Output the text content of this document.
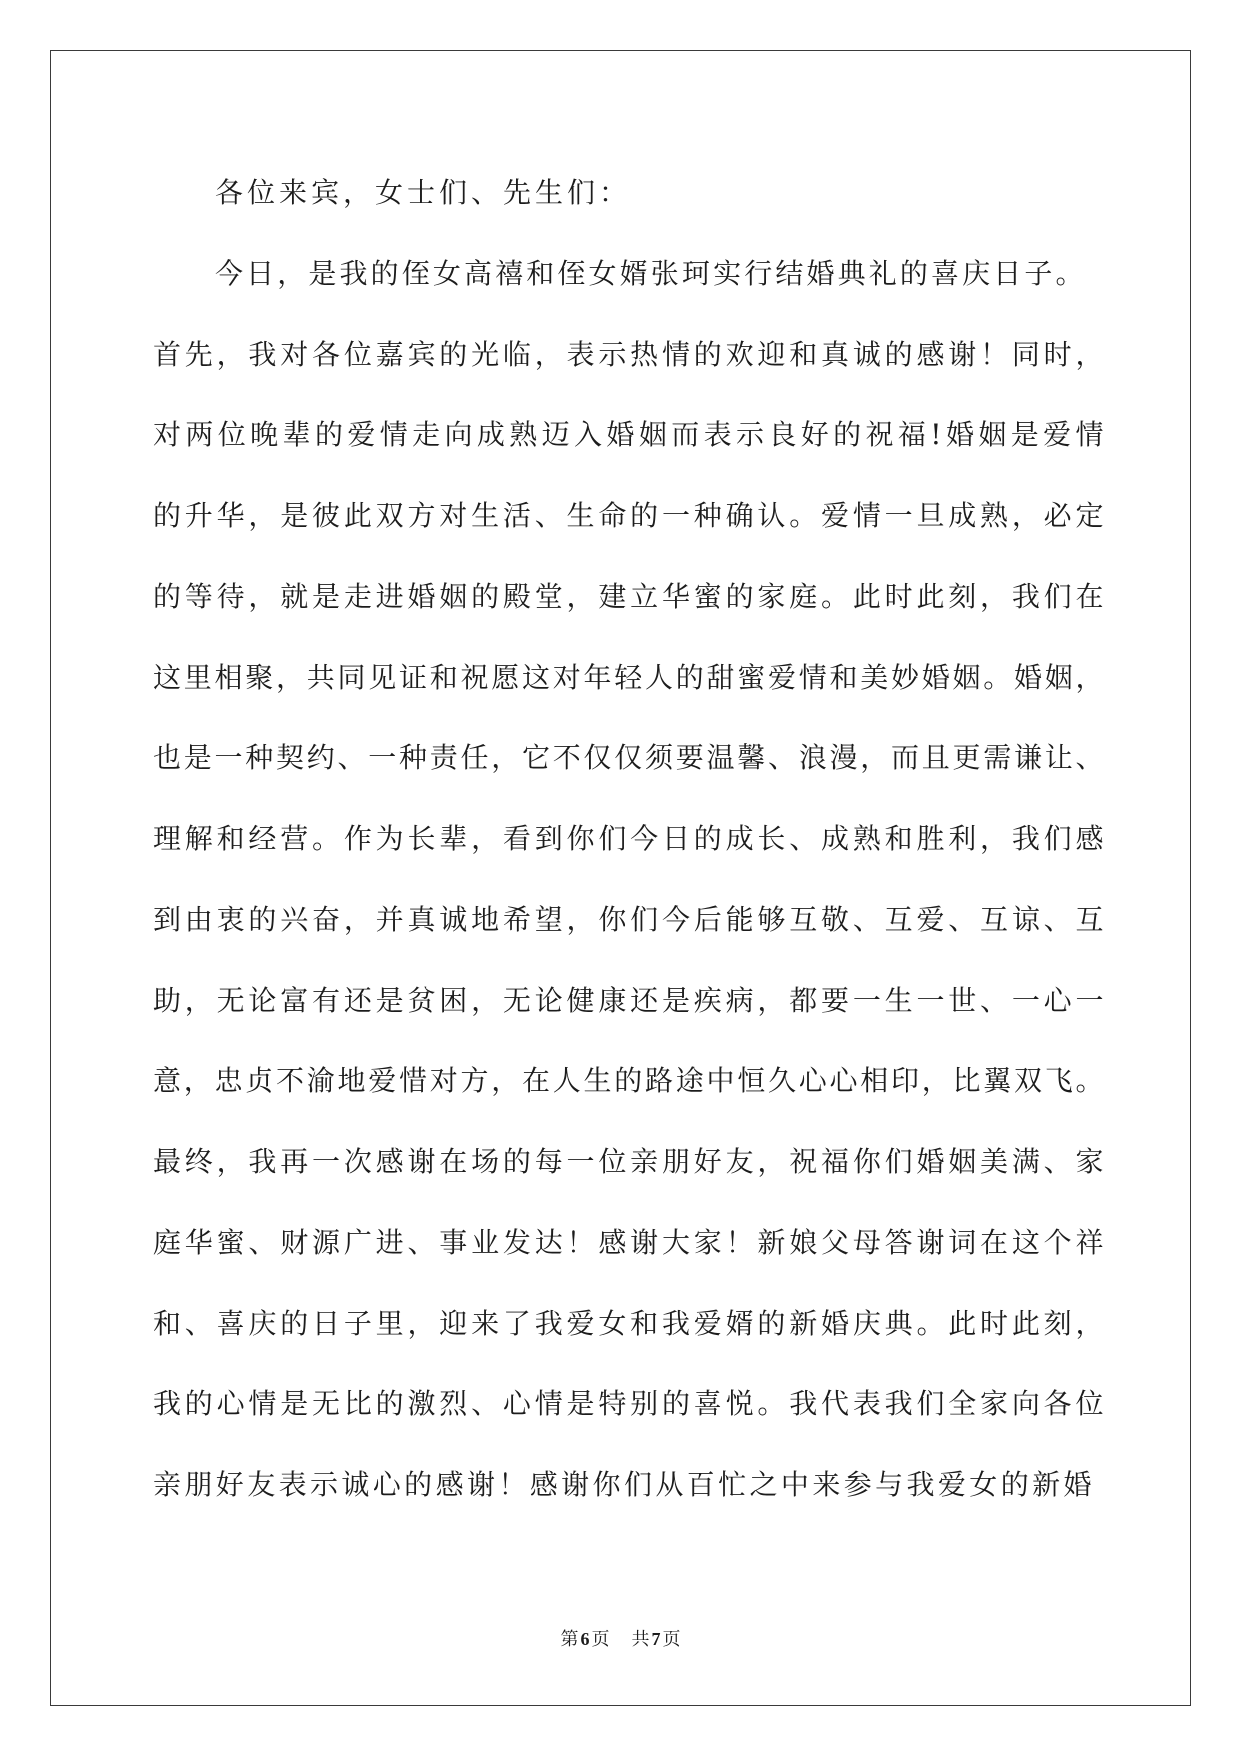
各位来宾，女士们、先生们：
今日，是我的侄女高禧和侄女婿张珂实行结婚典礼的喜庆日子。
首先，我对各位嘉宾的光临，表示热情的欢迎和真诚的感谢！同时，
对两位晚辈的爱情走向成熟迈入婚姻而表示良好的祝福!婚姻是爱情
的升华，是彼此双方对生活、生命的一种确认。爱情一旦成熟，必定
的等待，就是走进婚姻的殿堂，建立华蜜的家庭。此时此刻，我们在
这里相聚，共同见证和祝愿这对年轻人的甜蜜爱情和美妙婚姻。婚姻，
也是一种契约、一种责任，它不仅仅须要温馨、浪漫，而且更需谦让、
理解和经营。作为长辈，看到你们今日的成长、成熟和胜利，我们感
到由衷的兴奋，并真诚地希望，你们今后能够互敬、互爱、互谅、互
助，无论富有还是贫困，无论健康还是疾病，都要一生一世、一心一
意，忠贞不渝地爱惜对方，在人生的路途中恒久心心相印，比翼双飞。
最终，我再一次感谢在场的每一位亲朋好友，祝福你们婚姻美满、家
庭华蜜、财源广进、事业发达！感谢大家！新娘父母答谢词在这个祥
和、喜庆的日子里，迎来了我爱女和我爱婿的新婚庆典。此时此刻，
我的心情是无比的激烈、心情是特别的喜悦。我代表我们全家向各位
亲朋好友表示诚心的感谢！感谢你们从百忙之中来参与我爱女的新婚
第 6 页 共 7 页
